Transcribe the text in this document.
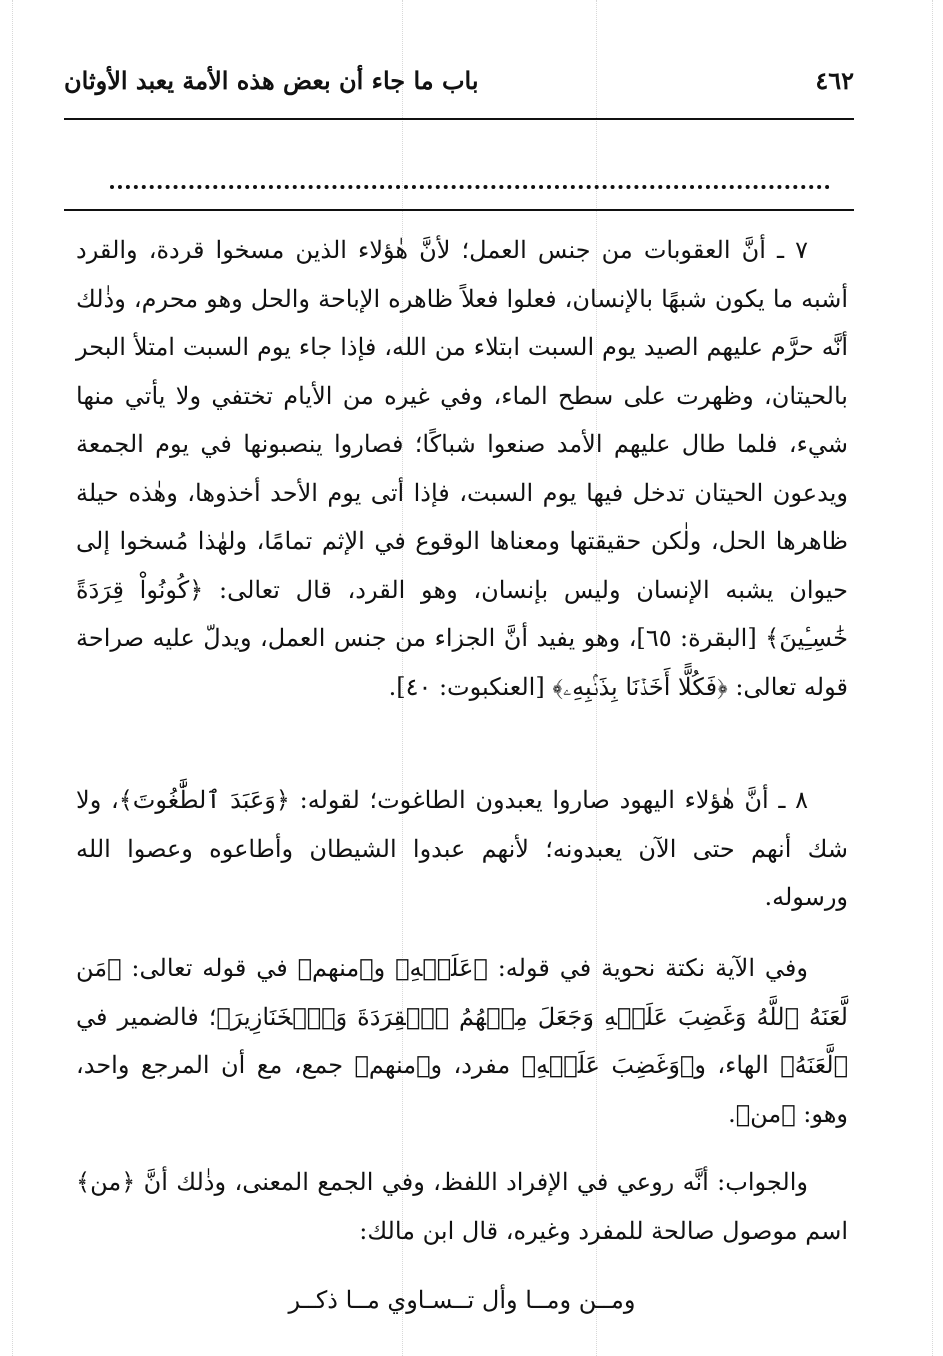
٤٦٢
باب ما جاء أن بعض هذه الأمة يعبد الأوثان

٧ ـ أنَّ العقوبات من جنس العمل؛ لأنَّ هٰؤلاء الذين مسخوا قردة، والقرد أشبه ما يكون شبهًا بالإنسان، فعلوا فعلاً ظاهره الإباحة والحل وهو محرم، وذٰلك أنَّه حرَّم عليهم الصيد يوم السبت ابتلاء من الله، فإذا جاء يوم السبت امتلأ البحر بالحيتان، وظهرت على سطح الماء، وفي غيره من الأيام تختفي ولا يأتي منها شيء، فلما طال عليهم الأمد صنعوا شباكًا؛ فصاروا ينصبونها في يوم الجمعة ويدعون الحيتان تدخل فيها يوم السبت، فإذا أتى يوم الأحد أخذوها، وهٰذه حيلة ظاهرها الحل، ولٰكن حقيقتها ومعناها الوقوع في الإثم تمامًا، ولهٰذا مُسخوا إلى حيوان يشبه الإنسان وليس بإنسان، وهو القرد، قال تعالى: ﴿كُونُواْ قِرَدَةً خَٰسِـِٔينَ﴾ [البقرة: ٦٥]، وهو يفيد أنَّ الجزاء من جنس العمل، ويدلّ عليه صراحة قوله تعالى: ﴿فَكُلًّا أَخَذۡنَا بِذَنۢبِهِۦ﴾ [العنكبوت: ٤٠].

٨ ـ أنَّ هٰؤلاء اليهود صاروا يعبدون الطاغوت؛ لقوله: ﴿وَعَبَدَ ٱلطَّٰغُوتَ﴾، ولا شك أنهم حتى الآن يعبدونه؛ لأنهم عبدوا الشيطان وأطاعوه وعصوا الله ورسوله.

وفي الآية نكتة نحوية في قوله: ﴿عَلَيۡهِ﴾ و﴿منهم﴾ في قوله تعالى: ﴿مَن لَّعَنَهُ ٱللَّهُ وَغَضِبَ عَلَيۡهِ وَجَعَلَ مِنۡهُمُ ٱلۡقِرَدَةَ وَٱلۡخَنَازِيرَ﴾؛ فالضمير في ﴿لَّعَنَهُ﴾ الهاء، و﴿وَغَضِبَ عَلَيۡهِ﴾ مفرد، و﴿منهم﴾ جمع، مع أن المرجع واحد، وهو: ﴿من﴾.

والجواب: أنَّه روعي في الإفراد اللفظ، وفي الجمع المعنى، وذٰلك أنَّ ﴿من﴾ اسم موصول صالحة للمفرد وغيره، قال ابن مالك:

ومــن ومــا وأل تــسـاوي مــا ذكــر
